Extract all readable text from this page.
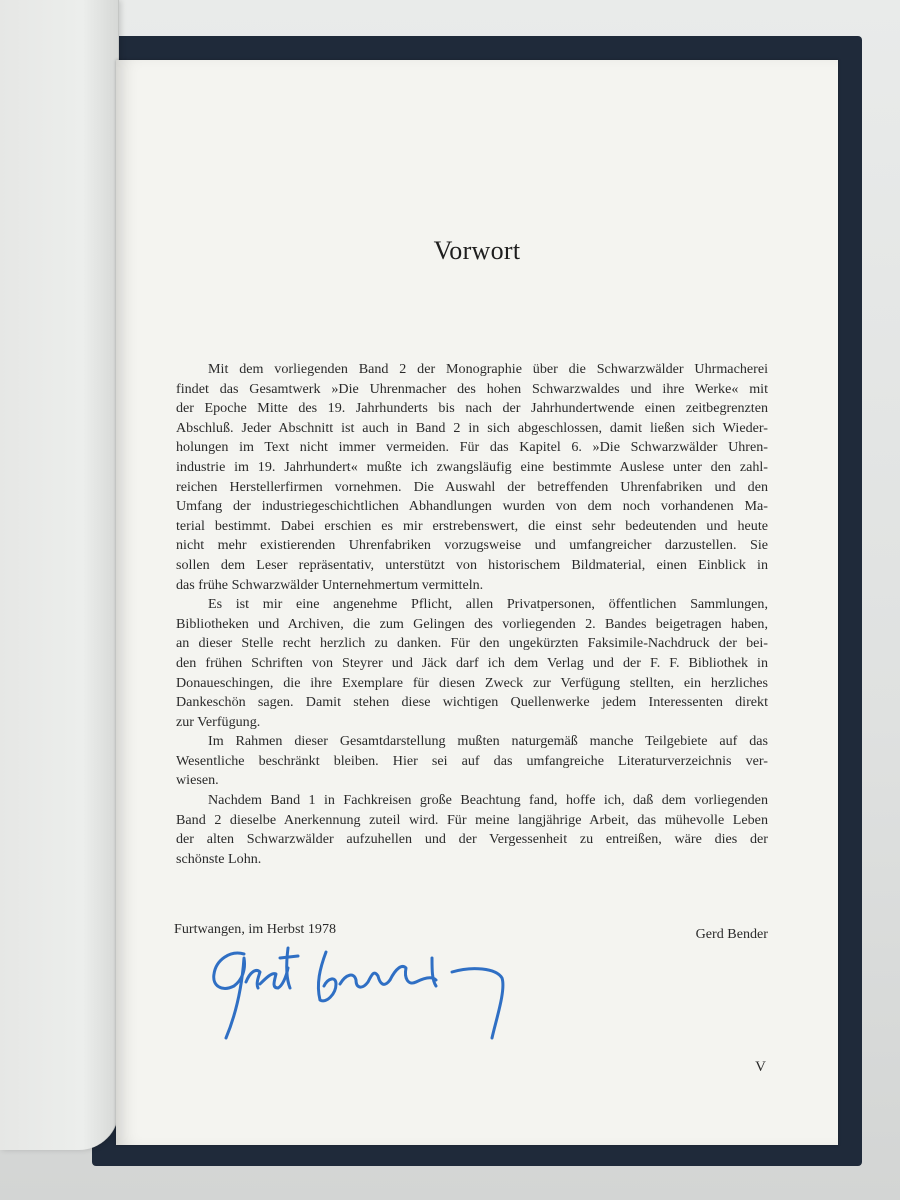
Vorwort
Mit dem vorliegenden Band 2 der Monographie über die Schwarzwälder Uhrmacherei
findet das Gesamtwerk »Die Uhrenmacher des hohen Schwarzwaldes und ihre Werke« mit
der Epoche Mitte des 19. Jahrhunderts bis nach der Jahrhundertwende einen zeitbegrenzten
Abschluß. Jeder Abschnitt ist auch in Band 2 in sich abgeschlossen, damit ließen sich Wieder-
holungen im Text nicht immer vermeiden. Für das Kapitel 6. »Die Schwarzwälder Uhren-
industrie im 19. Jahrhundert« mußte ich zwangsläufig eine bestimmte Auslese unter den zahl-
reichen Herstellerfirmen vornehmen. Die Auswahl der betreffenden Uhrenfabriken und den
Umfang der industriegeschichtlichen Abhandlungen wurden von dem noch vorhandenen Ma-
terial bestimmt. Dabei erschien es mir erstrebenswert, die einst sehr bedeutenden und heute
nicht mehr existierenden Uhrenfabriken vorzugsweise und umfangreicher darzustellen. Sie
sollen dem Leser repräsentativ, unterstützt von historischem Bildmaterial, einen Einblick in
das frühe Schwarzwälder Unternehmertum vermitteln.
Es ist mir eine angenehme Pflicht, allen Privatpersonen, öffentlichen Sammlungen,
Bibliotheken und Archiven, die zum Gelingen des vorliegenden 2. Bandes beigetragen haben,
an dieser Stelle recht herzlich zu danken. Für den ungekürzten Faksimile-Nachdruck der bei-
den frühen Schriften von Steyrer und Jäck darf ich dem Verlag und der F. F. Bibliothek in
Donaueschingen, die ihre Exemplare für diesen Zweck zur Verfügung stellten, ein herzliches
Dankeschön sagen. Damit stehen diese wichtigen Quellenwerke jedem Interessenten direkt
zur Verfügung.
Im Rahmen dieser Gesamtdarstellung mußten naturgemäß manche Teilgebiete auf das
Wesentliche beschränkt bleiben. Hier sei auf das umfangreiche Literaturverzeichnis ver-
wiesen.
Nachdem Band 1 in Fachkreisen große Beachtung fand, hoffe ich, daß dem vorliegenden
Band 2 dieselbe Anerkennung zuteil wird. Für meine langjährige Arbeit, das mühevolle Leben
der alten Schwarzwälder aufzuhellen und der Vergessenheit zu entreißen, wäre dies der
schönste Lohn.
Furtwangen, im Herbst 1978	Gerd Bender
V
